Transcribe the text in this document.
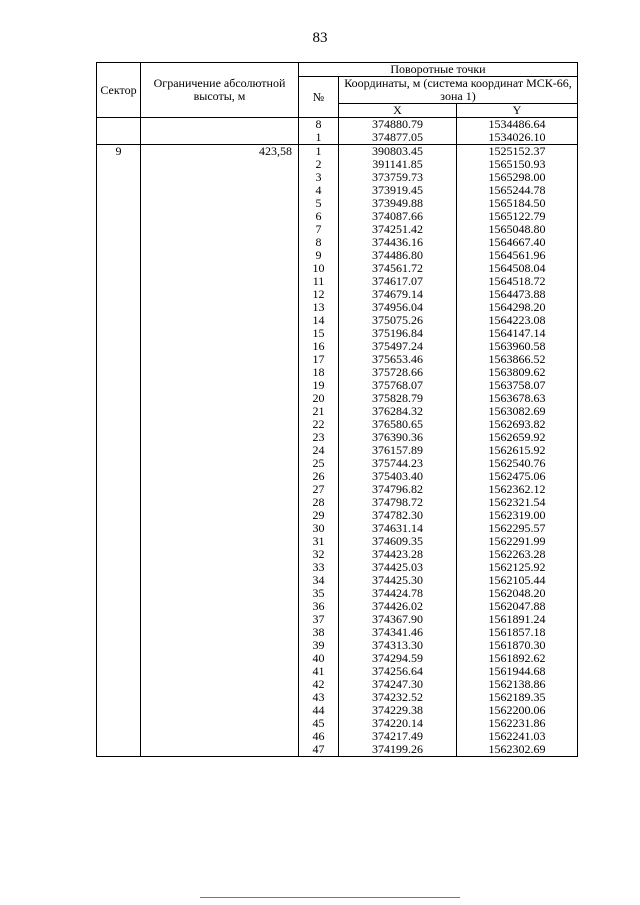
83
Сектор	Ограничение абсолютной высоты, м	Поворотные точки		
		№	Координаты, м (система координат МСК-66, зона 1)	
			X	Y
		8	374880.79	1534486.64
		1	374877.05	1534026.10
9	423,58	1	390803.45	1525152.37
		2	391141.85	1565150.93
		3	373759.73	1565298.00
		4	373919.45	1565244.78
		5	373949.88	1565184.50
		6	374087.66	1565122.79
		7	374251.42	1565048.80
		8	374436.16	1564667.40
		9	374486.80	1564561.96
		10	374561.72	1564508.04
		11	374617.07	1564518.72
		12	374679.14	1564473.88
		13	374956.04	1564298.20
		14	375075.26	1564223.08
		15	375196.84	1564147.14
		16	375497.24	1563960.58
		17	375653.46	1563866.52
		18	375728.66	1563809.62
		19	375768.07	1563758.07
		20	375828.79	1563678.63
		21	376284.32	1563082.69
		22	376580.65	1562693.82
		23	376390.36	1562659.92
		24	376157.89	1562615.92
		25	375744.23	1562540.76
		26	375403.40	1562475.06
		27	374796.82	1562362.12
		28	374798.72	1562321.54
		29	374782.30	1562319.00
		30	374631.14	1562295.57
		31	374609.35	1562291.99
		32	374423.28	1562263.28
		33	374425.03	1562125.92
		34	374425.30	1562105.44
		35	374424.78	1562048.20
		36	374426.02	1562047.88
		37	374367.90	1561891.24
		38	374341.46	1561857.18
		39	374313.30	1561870.30
		40	374294.59	1561892.62
		41	374256.64	1561944.68
		42	374247.30	1562138.86
		43	374232.52	1562189.35
		44	374229.38	1562200.06
		45	374220.14	1562231.86
		46	374217.49	1562241.03
		47	374199.26	1562302.69
